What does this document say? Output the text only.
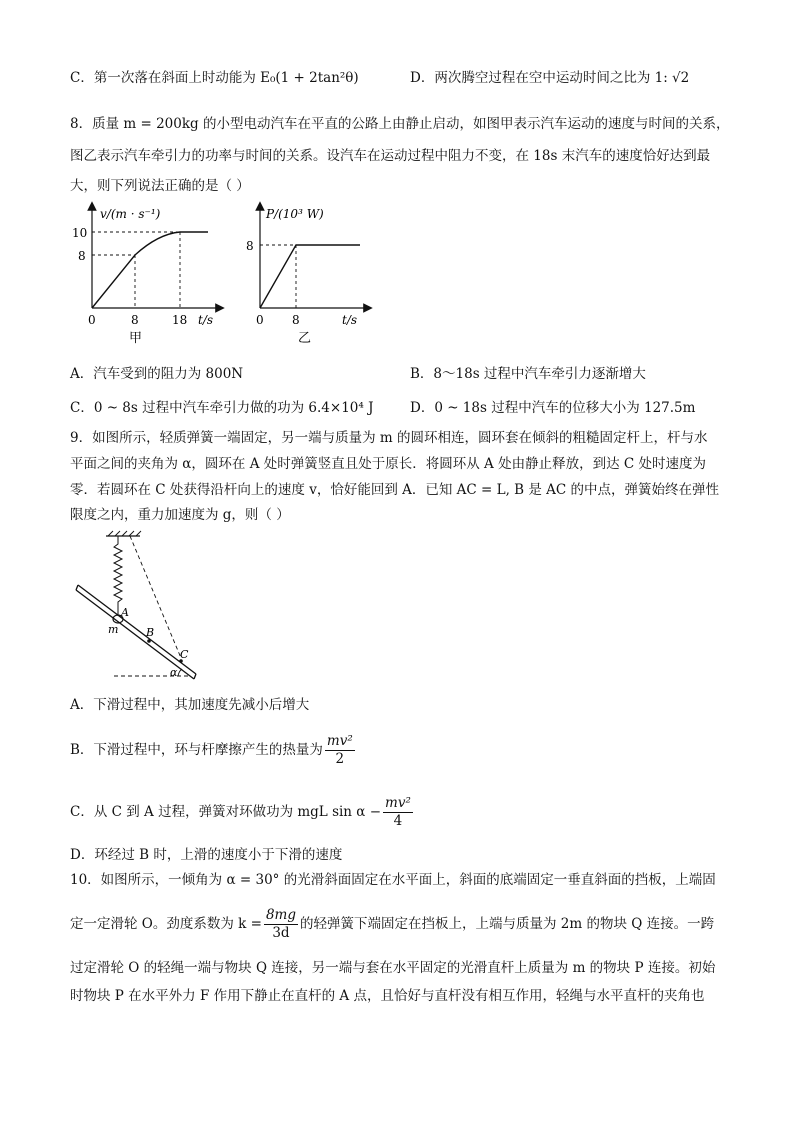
C．第一次落在斜面上时动能为 E₀(1 + 2tan²θ)	D．两次腾空过程在空中运动时间之比为 1: √2
8．质量 m = 200kg 的小型电动汽车在平直的公路上由静止启动，如图甲表示汽车运动的速度与时间的关系，
图乙表示汽车牵引力的功率与时间的关系。设汽车在运动过程中阻力不变，在 18s 末汽车的速度恰好达到最
大，则下列说法正确的是（ ）
v/(m · s⁻¹)
10
8
0	8	18 t/s
甲
P/(10³ W)
8
0 8	t/s
乙
A．汽车受到的阻力为 800N	B．8～18s 过程中汽车牵引力逐渐增大
C．0 ~ 8s 过程中汽车牵引力做的功为 6.4×10⁴ J	D．0 ~ 18s 过程中汽车的位移大小为 127.5m
9．如图所示，轻质弹簧一端固定，另一端与质量为 m 的圆环相连，圆环套在倾斜的粗糙固定杆上，杆与水
平面之间的夹角为 α，圆环在 A 处时弹簧竖直且处于原长．将圆环从 A 处由静止释放，到达 C 处时速度为
零．若圆环在 C 处获得沿杆向上的速度 v，恰好能回到 A．已知 AC = L, B 是 AC 的中点，弹簧始终在弹性
限度之内，重力加速度为 g，则（ ）
A
m	B
C
α
A．下滑过程中，其加速度先减小后增大
B．下滑过程中，环与杆摩擦产生的热量为 $\frac{\text{mv²}}{2}$
C．从 C 到 A 过程，弹簧对环做功为 mgL $\sin \alpha - \frac{\text{mv²}}{4}$
D．环经过 B 时，上滑的速度小于下滑的速度
10．如图所示，一倾角为 α = 30° 的光滑斜面固定在水平面上，斜面的底端固定一垂直斜面的挡板，上端固
定一定滑轮 O。劲度系数为 $k = \frac{8mg}{3d}$ 的轻弹簧下端固定在挡板上，上端与质量为 2m 的物块 Q 连接。一跨
过定滑轮 O 的轻绳一端与物块 Q 连接，另一端与套在水平固定的光滑直杆上质量为 m 的物块 P 连接。初始
时物块 P 在水平外力 F 作用下静止在直杆的 A 点，且恰好与直杆没有相互作用，轻绳与水平直杆的夹角也
